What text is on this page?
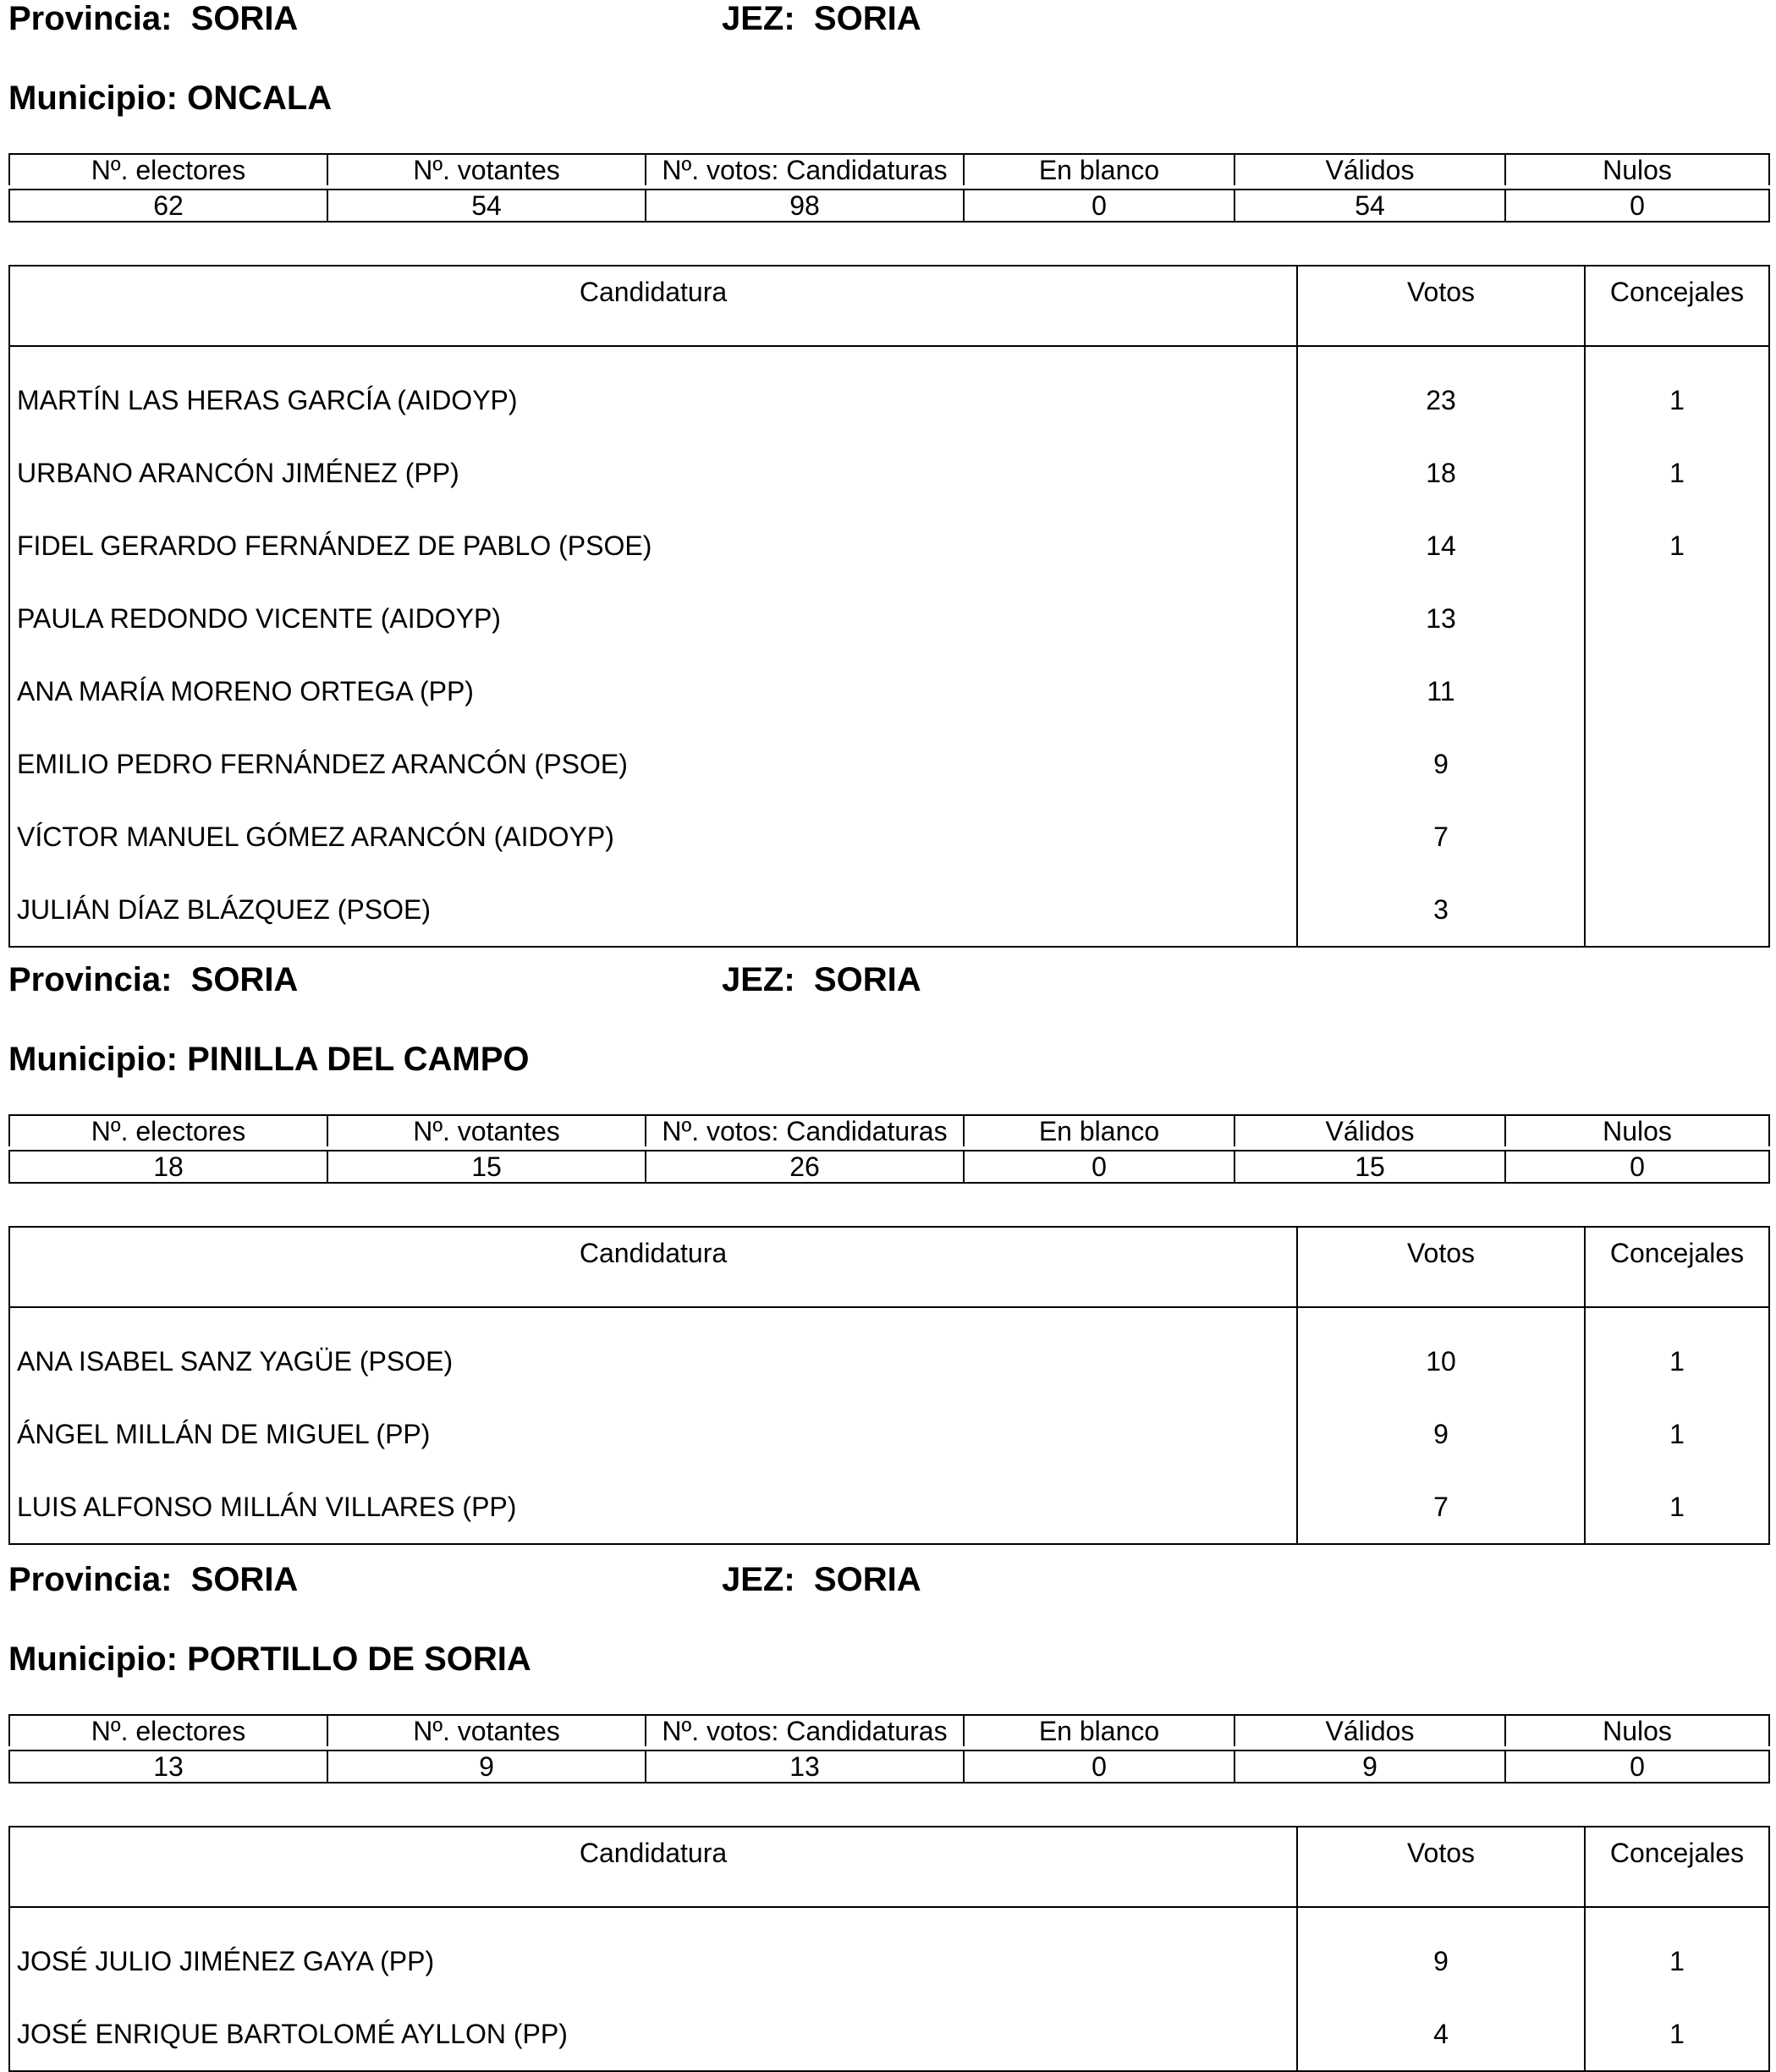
Provincia: SORIA	JEZ: SORIA
Municipio: ONCALA
Nº. electores	Nº. votantes	Nº. votos: Candidaturas	En blanco	Válidos	Nulos

62	54	98	0	54	0
Candidatura	Votos	Concejales
MARTÍN LAS HERAS GARCÍA (AIDOYP)	23	1
URBANO ARANCÓN JIMÉNEZ (PP)	18	1
FIDEL GERARDO FERNÁNDEZ DE PABLO (PSOE)	14	1
PAULA REDONDO VICENTE (AIDOYP)	13	
ANA MARÍA MORENO ORTEGA (PP)	11	
EMILIO PEDRO FERNÁNDEZ ARANCÓN (PSOE)	9	
VÍCTOR MANUEL GÓMEZ ARANCÓN (AIDOYP)	7	
JULIÁN DÍAZ BLÁZQUEZ (PSOE)	3	
Provincia: SORIA	JEZ: SORIA
Municipio: PINILLA DEL CAMPO
Nº. electores	Nº. votantes	Nº. votos: Candidaturas	En blanco	Válidos	Nulos

18	15	26	0	15	0
Candidatura	Votos	Concejales
ANA ISABEL SANZ YAGÜE (PSOE)	10	1
ÁNGEL MILLÁN DE MIGUEL (PP)	9	1
LUIS ALFONSO MILLÁN VILLARES (PP)	7	1
Provincia: SORIA	JEZ: SORIA
Municipio: PORTILLO DE SORIA
Nº. electores	Nº. votantes	Nº. votos: Candidaturas	En blanco	Válidos	Nulos

13	9	13	0	9	0
Candidatura	Votos	Concejales
JOSÉ JULIO JIMÉNEZ GAYA (PP)	9	1
JOSÉ ENRIQUE BARTOLOMÉ AYLLON (PP)	4	1
